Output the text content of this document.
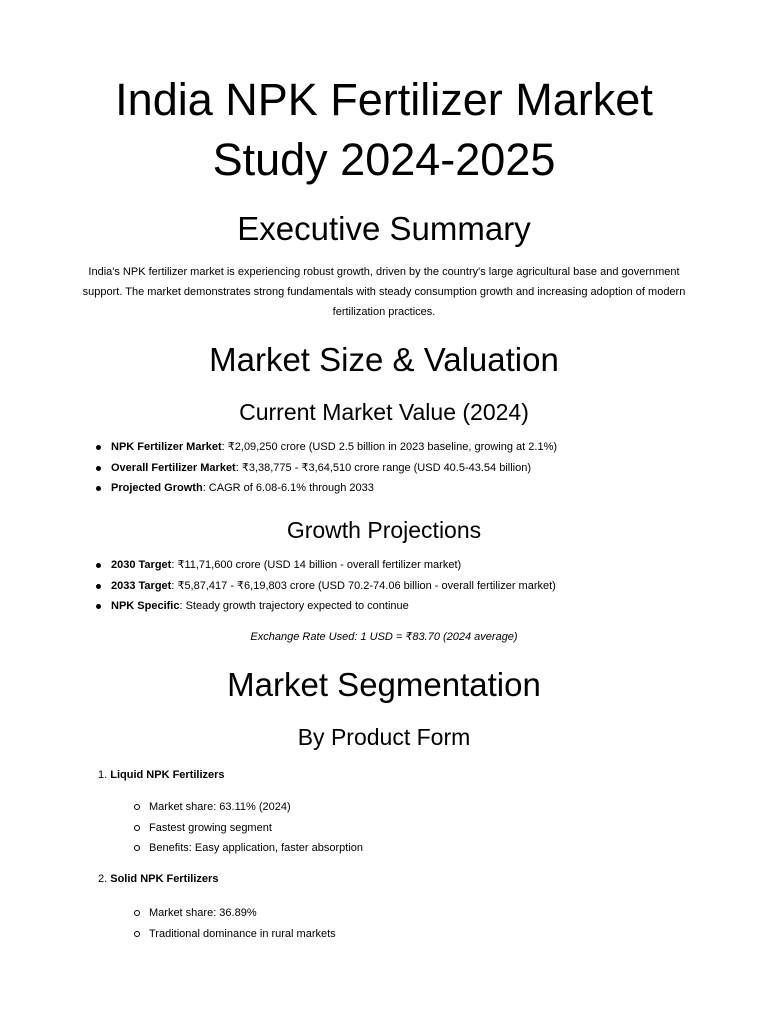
India NPK Fertilizer Market Study 2024-2025
Executive Summary

India's NPK fertilizer market is experiencing robust growth, driven by the country's large agricultural base and government support. The market demonstrates strong fundamentals with steady consumption growth and increasing adoption of modern fertilization practices.

Market Size & Valuation
Current Market Value (2024)
NPK Fertilizer Market: ₹2,09,250 crore (USD 2.5 billion in 2023 baseline, growing at 2.1%)
Overall Fertilizer Market: ₹3,38,775 - ₹3,64,510 crore range (USD 40.5-43.54 billion)
Projected Growth: CAGR of 6.08-6.1% through 2033
Growth Projections
2030 Target: ₹11,71,600 crore (USD 14 billion - overall fertilizer market)
2033 Target: ₹5,87,417 - ₹6,19,803 crore (USD 70.2-74.06 billion - overall fertilizer market)
NPK Specific: Steady growth trajectory expected to continue

Exchange Rate Used: 1 USD = ₹83.70 (2024 average)

Market Segmentation
By Product Form
1. Liquid NPK Fertilizers
Market share: 63.11% (2024)
Fastest growing segment
Benefits: Easy application, faster absorption
2. Solid NPK Fertilizers
Market share: 36.89%
Traditional dominance in rural markets
